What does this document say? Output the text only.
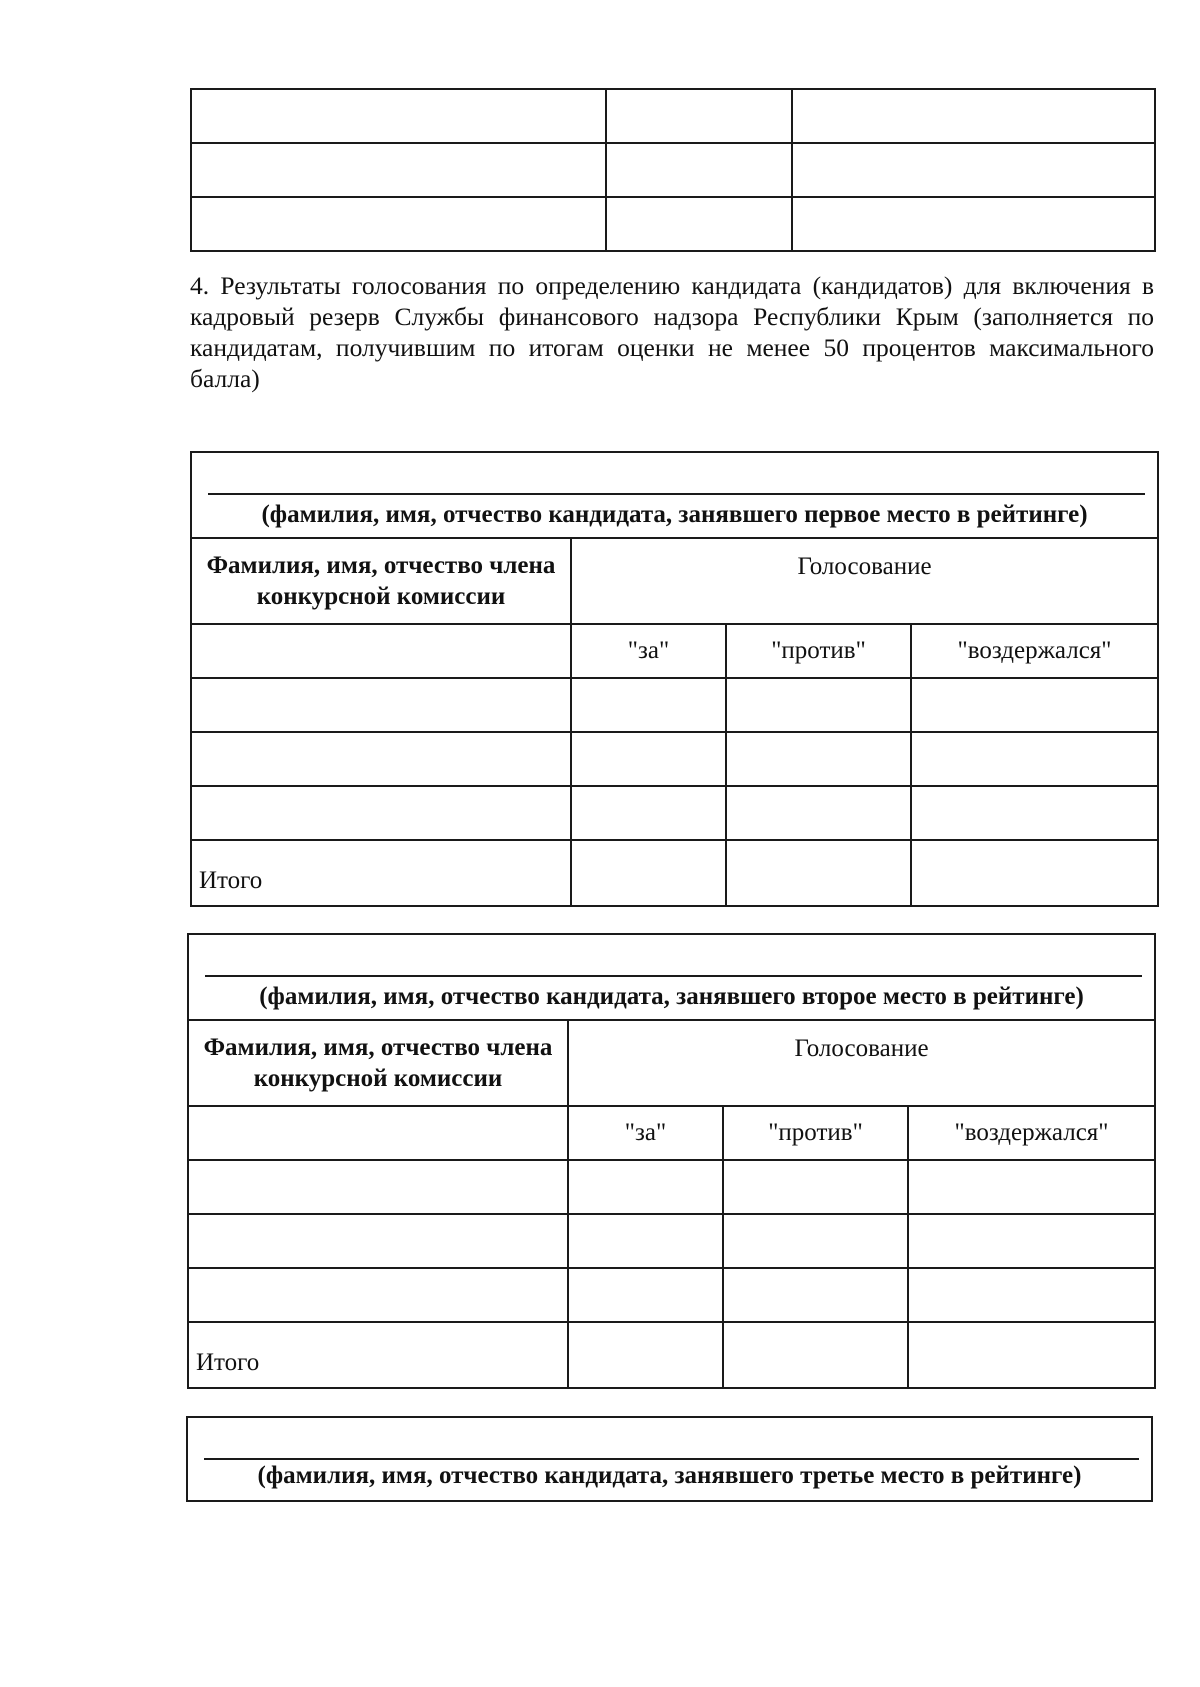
4. Результаты голосования по определению кандидата (кандидатов) для включения в кадровый резерв Службы финансового надзора Республики Крым (заполняется по кандидатам, получившим по итогам оценки не менее 50 процентов максимального балла)
(фамилия, имя, отчество кандидата, занявшего первое место в рейтинге)			

Фамилия, имя, отчество члена конкурсной комиссии	Голосование		
	"за"	"против"	"воздержался"

Итого			
(фамилия, имя, отчество кандидата, занявшего второе место в рейтинге)			

Фамилия, имя, отчество члена конкурсной комиссии	Голосование		
	"за"	"против"	"воздержался"

Итого			
(фамилия, имя, отчество кандидата, занявшего третье место в рейтинге)
